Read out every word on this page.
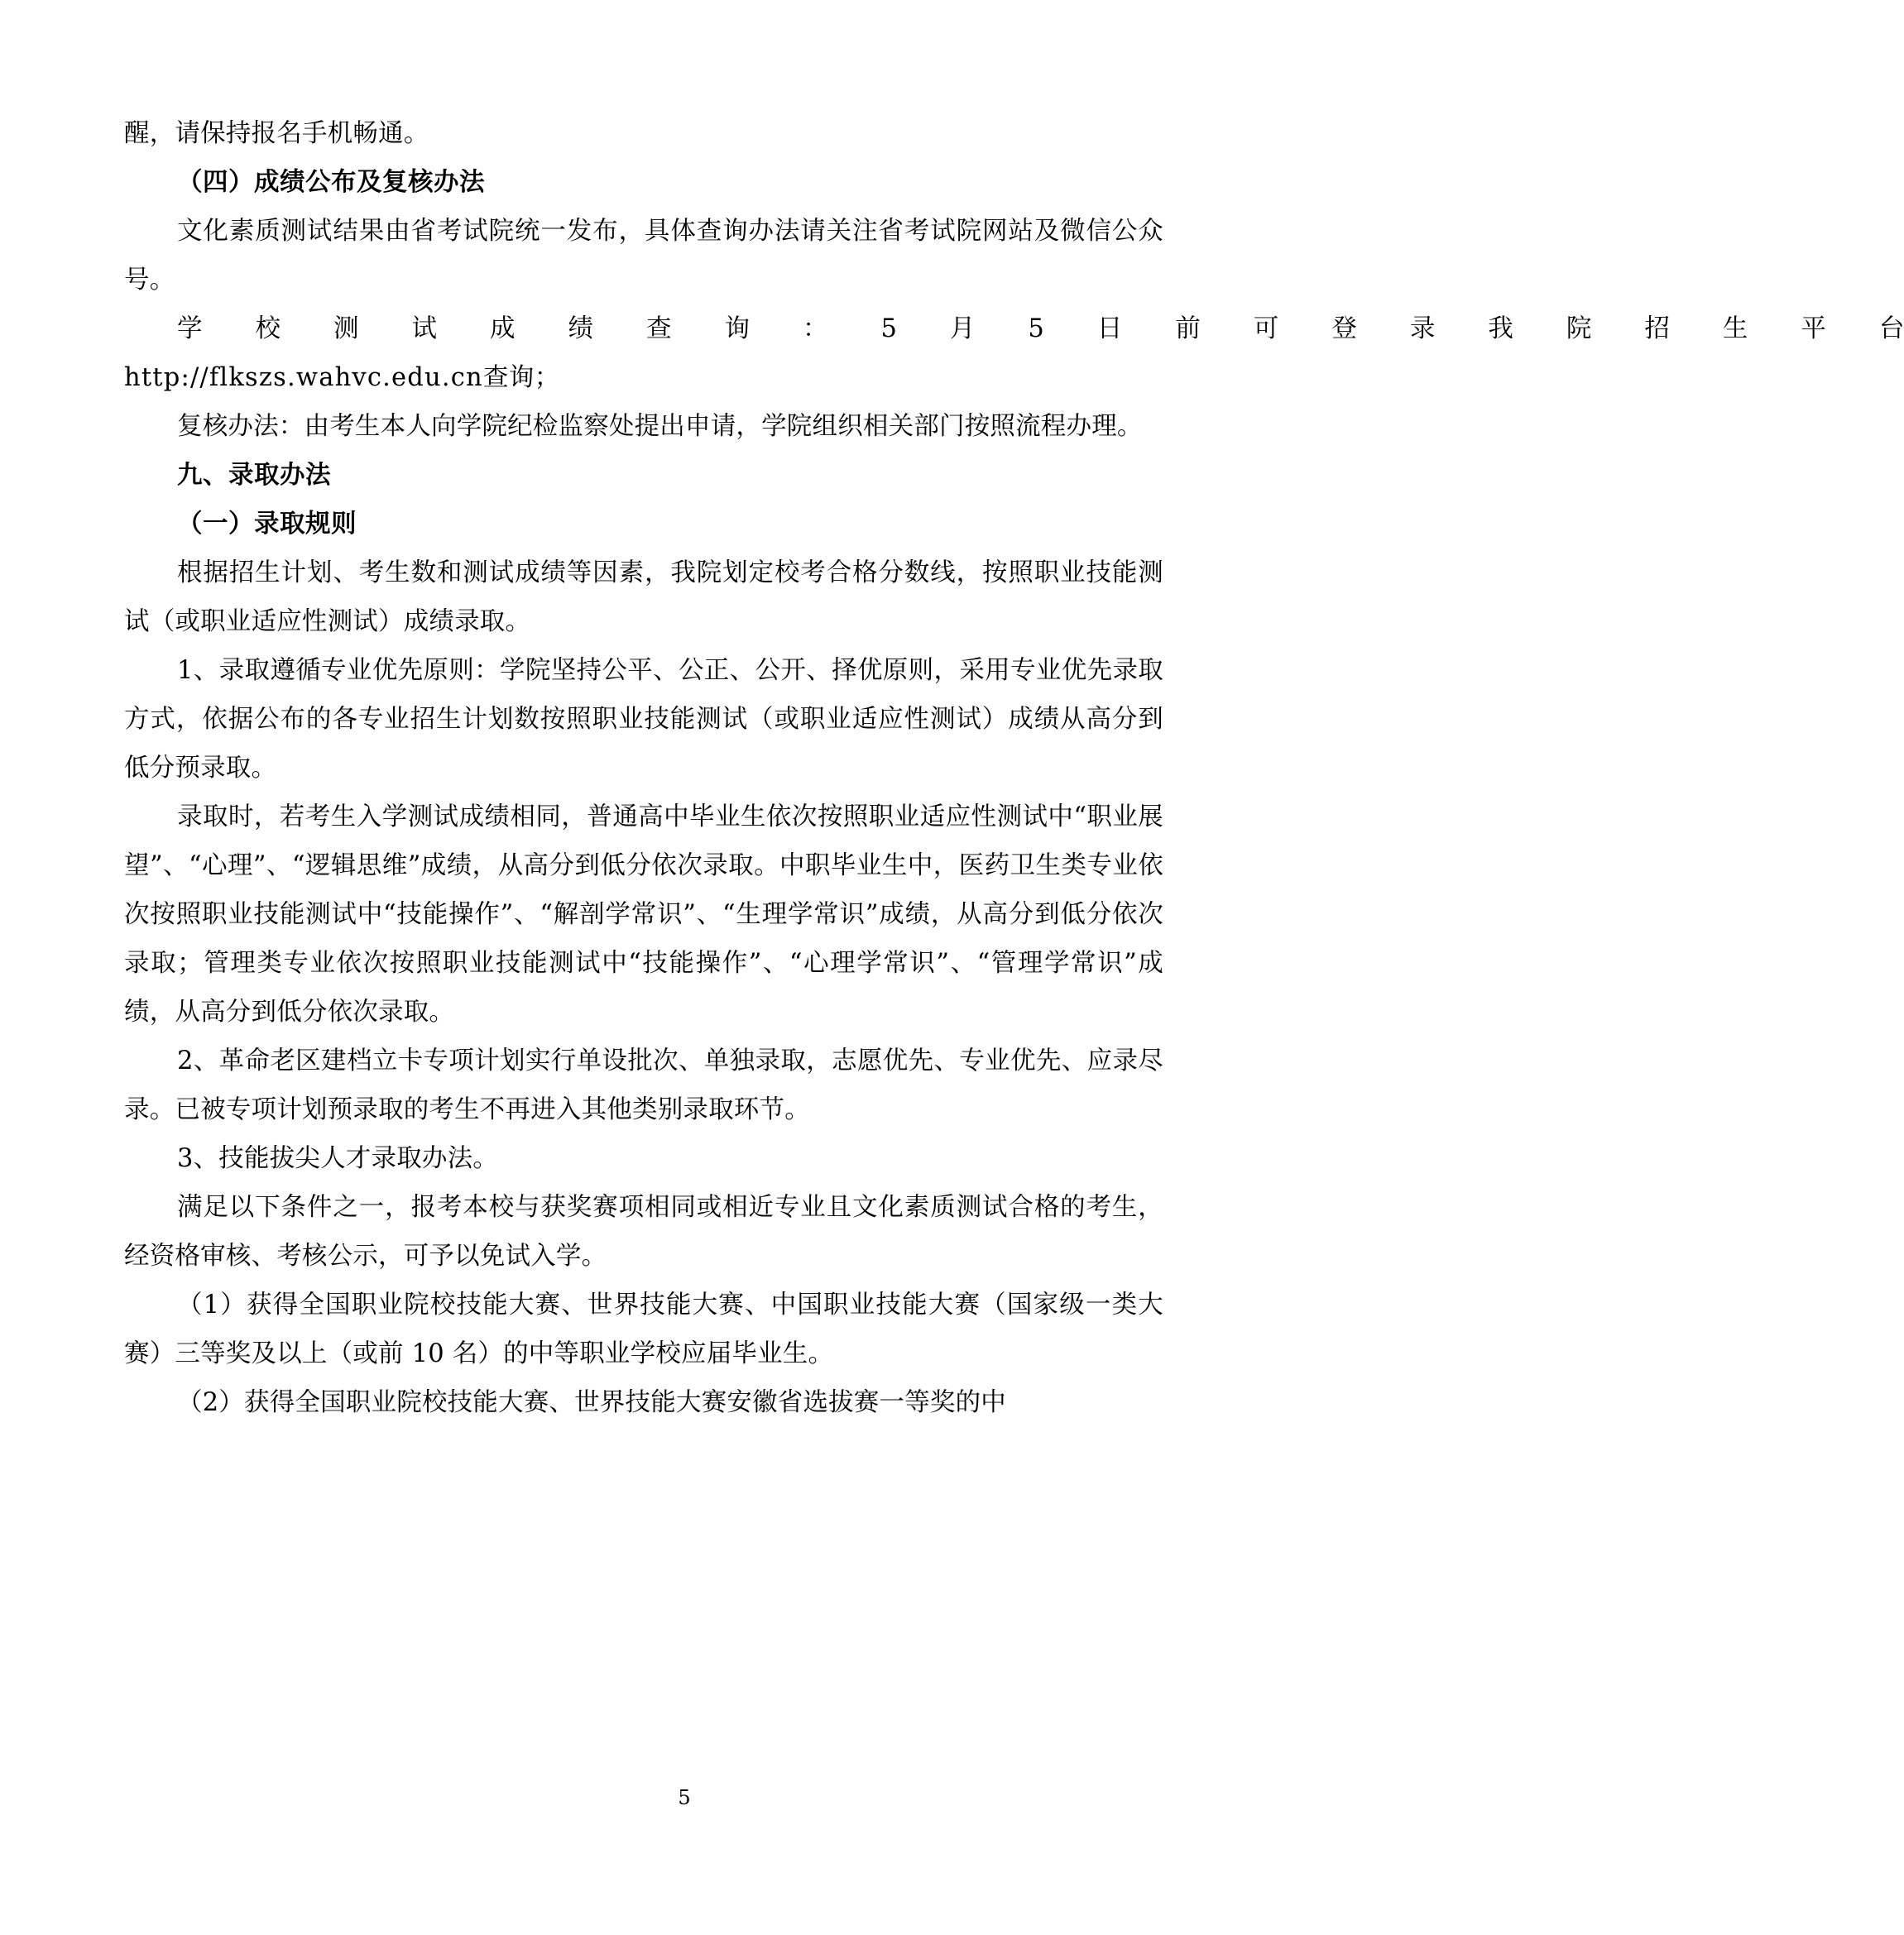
醒，请保持报名手机畅通。

（四）成绩公布及复核办法

文化素质测试结果由省考试院统一发布，具体查询办法请关注省考试院网站及微信公众号。

学	校	测	试	成	绩	查	询	：	5	月	5	日	前	可	登	录	我	院	招	生	平	台

http://flkszs.wahvc.edu.cn查询；

复核办法：由考生本人向学院纪检监察处提出申请，学院组织相关部门按照流程办理。

九、录取办法

（一）录取规则

根据招生计划、考生数和测试成绩等因素，我院划定校考合格分数线，按照职业技能测试（或职业适应性测试）成绩录取。

1、录取遵循专业优先原则：学院坚持公平、公正、公开、择优原则，采用专业优先录取方式，依据公布的各专业招生计划数按照职业技能测试（或职业适应性测试）成绩从高分到低分预录取。

录取时，若考生入学测试成绩相同，普通高中毕业生依次按照职业适应性测试中“职业展望”、“心理”、“逻辑思维”成绩，从高分到低分依次录取。中职毕业生中，医药卫生类专业依次按照职业技能测试中“技能操作”、“解剖学常识”、“生理学常识”成绩，从高分到低分依次录取；管理类专业依次按照职业技能测试中“技能操作”、“心理学常识”、“管理学常识”成绩，从高分到低分依次录取。

2、革命老区建档立卡专项计划实行单设批次、单独录取，志愿优先、专业优先、应录尽录。已被专项计划预录取的考生不再进入其他类别录取环节。

3、技能拔尖人才录取办法。

满足以下条件之一，报考本校与获奖赛项相同或相近专业且文化素质测试合格的考生，经资格审核、考核公示，可予以免试入学。

（1）获得全国职业院校技能大赛、世界技能大赛、中国职业技能大赛（国家级一类大赛）三等奖及以上（或前 10 名）的中等职业学校应届毕业生。

（2）获得全国职业院校技能大赛、世界技能大赛安徽省选拔赛一等奖的中

5
